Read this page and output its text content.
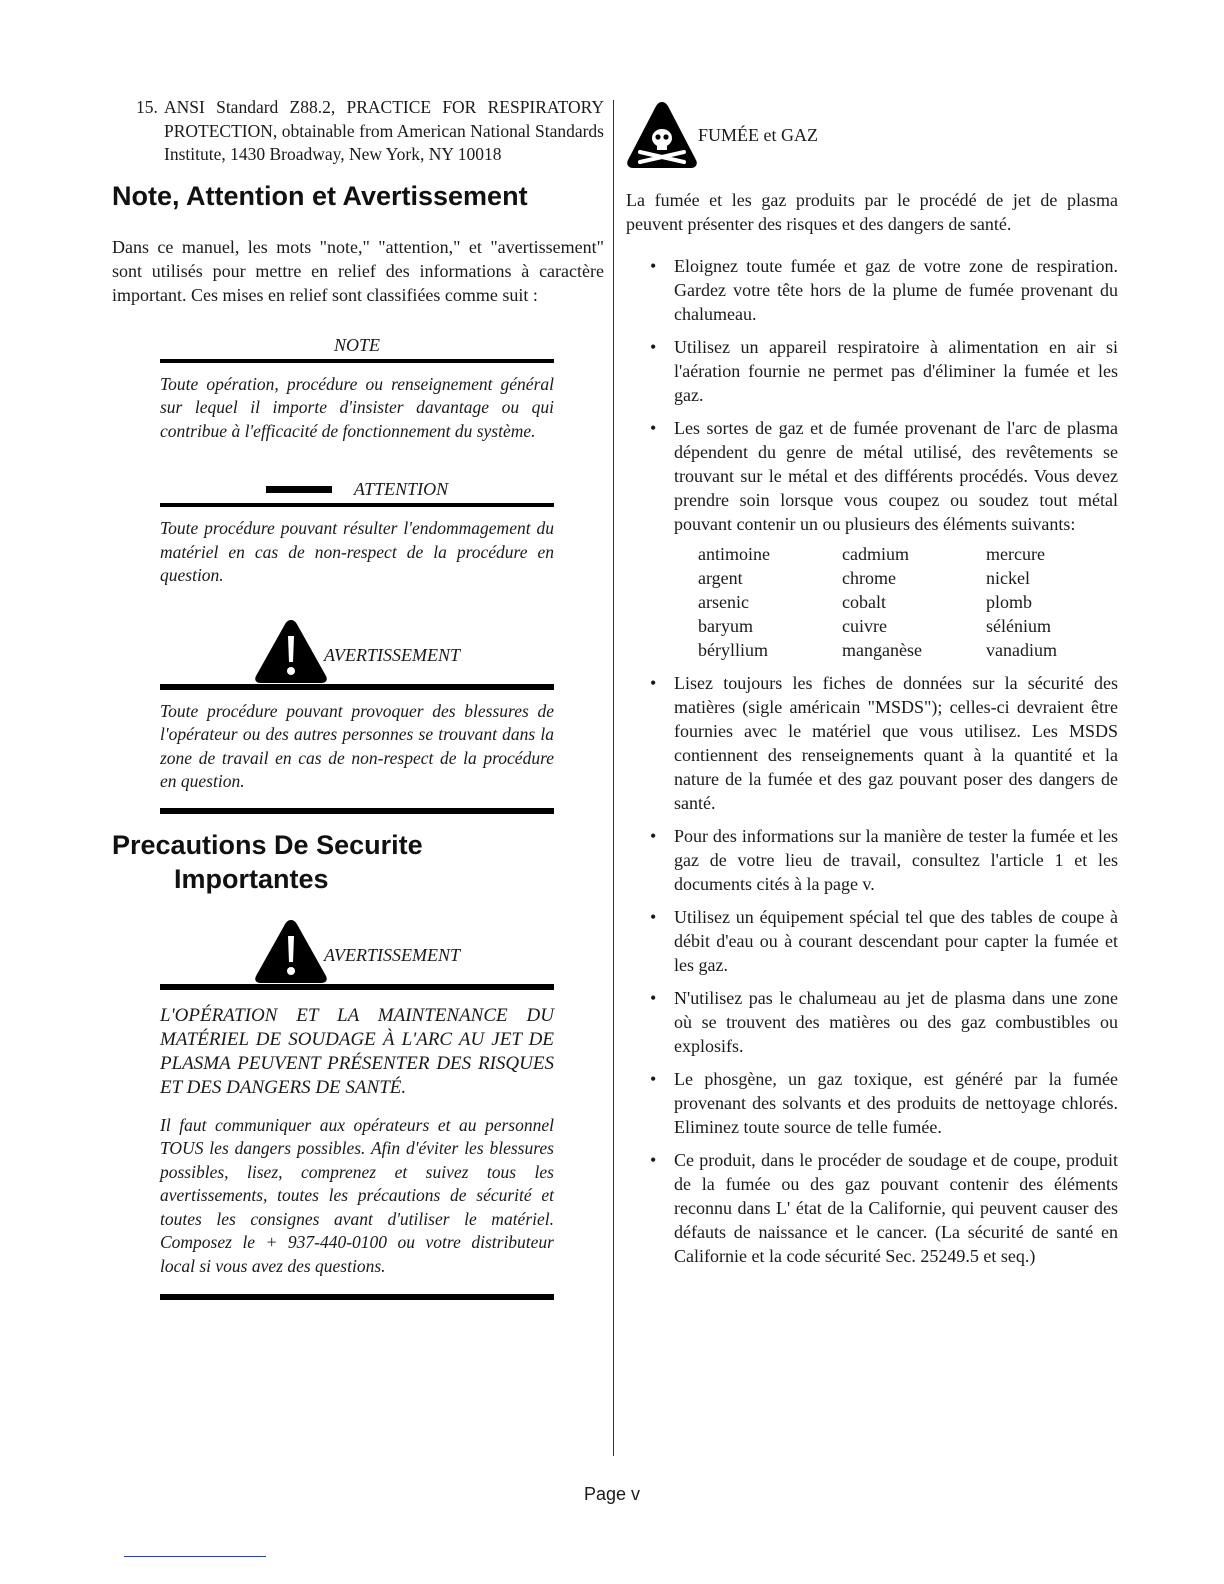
15. ANSI Standard Z88.2, PRACTICE FOR RESPIRATORY PROTECTION, obtainable from American National Standards Institute, 1430 Broadway, New York, NY 10018
Note, Attention et Avertissement

Dans ce manuel, les mots "note," "attention," et "avertissement" sont utilisés pour mettre en relief des informations à caractère important. Ces mises en relief sont classifiées comme suit :

NOTE
Toute opération, procédure ou renseignement général sur lequel il importe d'insister davantage ou qui contribue à l'efficacité de fonctionnement du système.
ATTENTION
Toute procédure pouvant résulter l'endommagement du matériel en cas de non-respect de la procédure en question.
AVERTISSEMENT
Toute procédure pouvant provoquer des blessures de l'opérateur ou des autres personnes se trouvant dans la zone de travail en cas de non-respect de la procédure en question.
Precautions De Securite
Importantes
AVERTISSEMENT
L'OPÉRATION ET LA MAINTENANCE DU MATÉRIEL DE SOUDAGE À L'ARC AU JET DE PLASMA PEUVENT PRÉSENTER DES RISQUES ET DES DANGERS DE SANTÉ.
Il faut communiquer aux opérateurs et au personnel TOUS les dangers possibles. Afin d'éviter les blessures possibles, lisez, comprenez et suivez tous les avertissements, toutes les précautions de sécurité et toutes les consignes avant d'utiliser le matériel. Composez le + 937-440-0100 ou votre distributeur local si vous avez des questions.
FUMÉE et GAZ

La fumée et les gaz produits par le procédé de jet de plasma peuvent présenter des risques et des dangers de santé.

• Eloignez toute fumée et gaz de votre zone de respiration. Gardez votre tête hors de la plume de fumée provenant du chalumeau.
• Utilisez un appareil respiratoire à alimentation en air si l'aération fournie ne permet pas d'éliminer la fumée et les gaz.
• Les sortes de gaz et de fumée provenant de l'arc de plasma dépendent du genre de métal utilisé, des revêtements se trouvant sur le métal et des différents procédés. Vous devez prendre soin lorsque vous coupez ou soudez tout métal pouvant contenir un ou plusieurs des éléments suivants:
antimoine	cadmium	mercure
argent	chrome	nickel
arsenic	cobalt	plomb
baryum	cuivre	sélénium
béryllium	manganèse	vanadium
• Lisez toujours les fiches de données sur la sécurité des matières (sigle américain "MSDS"); celles-ci devraient être fournies avec le matériel que vous utilisez. Les MSDS contiennent des renseignements quant à la quantité et la nature de la fumée et des gaz pouvant poser des dangers de santé.
• Pour des informations sur la manière de tester la fumée et les gaz de votre lieu de travail, consultez l'article 1 et les documents cités à la page v.
• Utilisez un équipement spécial tel que des tables de coupe à débit d'eau ou à courant descendant pour capter la fumée et les gaz.
• N'utilisez pas le chalumeau au jet de plasma dans une zone où se trouvent des matières ou des gaz combustibles ou explosifs.
• Le phosgène, un gaz toxique, est généré par la fumée provenant des solvants et des produits de nettoyage chlorés. Eliminez toute source de telle fumée.
• Ce produit, dans le procéder de soudage et de coupe, produit de la fumée ou des gaz pouvant contenir des éléments reconnu dans L' état de la Californie, qui peuvent causer des défauts de naissance et le cancer. (La sécurité de santé en Californie et la code sécurité Sec. 25249.5 et seq.)
Page v
